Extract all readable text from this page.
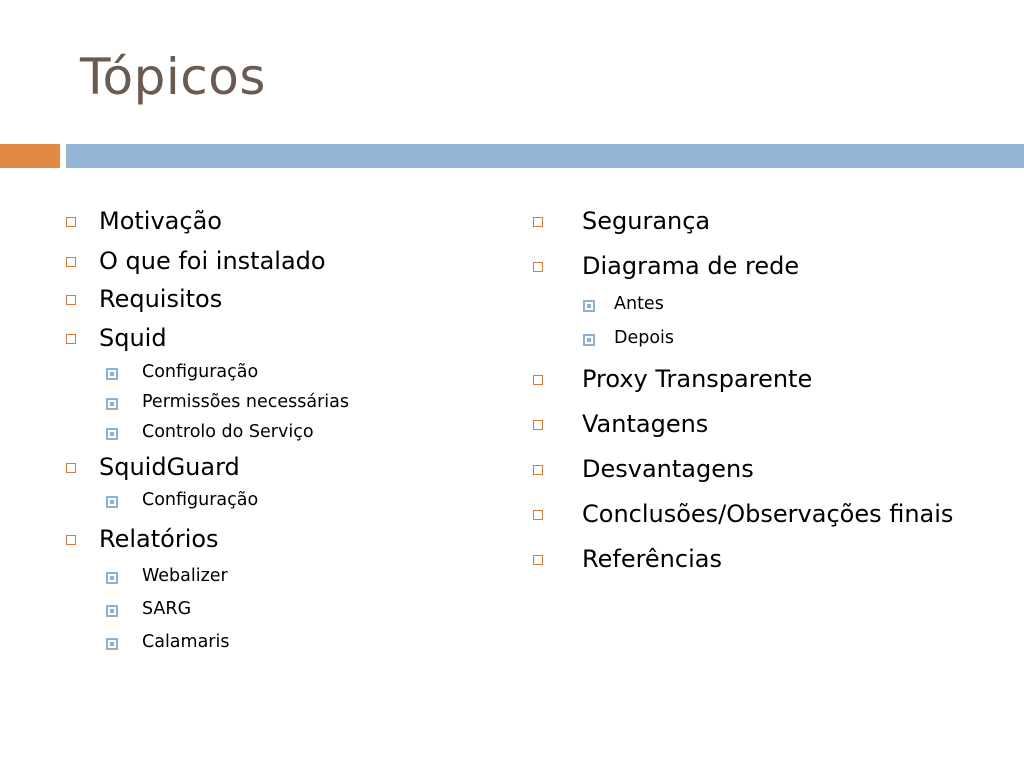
Tópicos
Motivação
O que foi instalado
Requisitos
Squid
Configuração
Permissões necessárias
Controlo do Serviço
SquidGuard
Configuração
Relatórios
Webalizer
SARG
Calamaris
Segurança
Diagrama de rede
Antes
Depois
Proxy Transparente
Vantagens
Desvantagens
Conclusões/Observações finais
Referências
